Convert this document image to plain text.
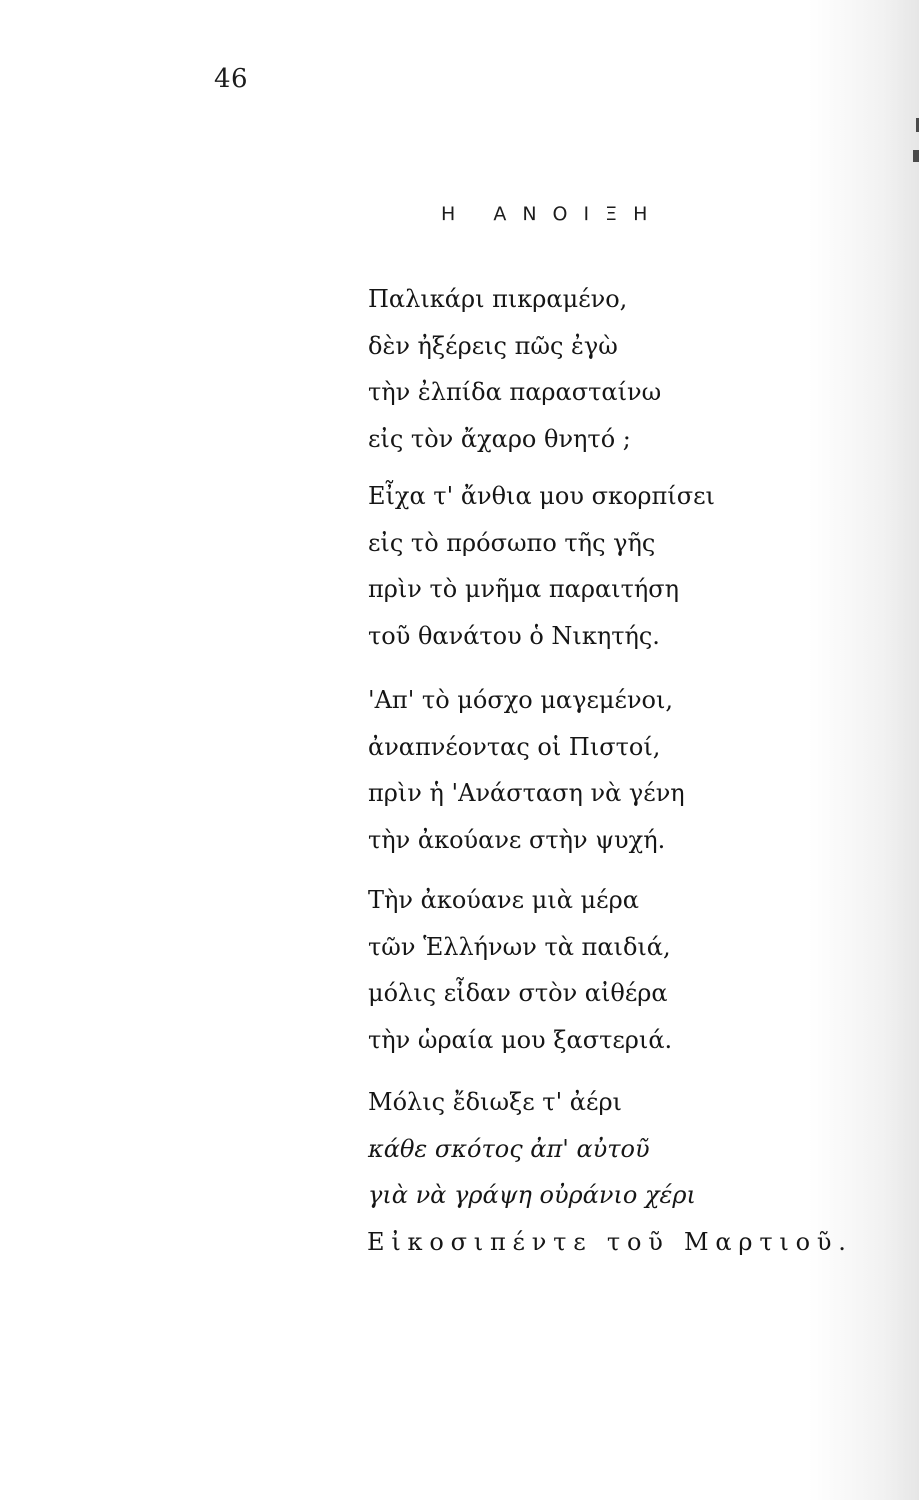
46
Η ΑΝΟΙΞΗ
Παλικάρι πικραμένο,
δὲν ἠξέρεις πῶς ἐγὼ
τὴν ἐλπίδα παρασταίνω
εἰς τὸν ἄχαρο θνητό ;
Εἶχα τ' ἄνθια μου σκορπίσει
εἰς τὸ πρόσωπο τῆς γῆς
πρὶν τὸ μνῆμα παραιτήση
τοῦ θανάτου ὁ Νικητής.
'Απ' τὸ μόσχο μαγεμένοι,
ἀναπνέοντας οἱ Πιστοί,
πρὶν ἡ 'Ανάσταση νὰ γένη
τὴν ἀκούανε στὴν ψυχή.
Τὴν ἀκούανε μιὰ μέρα
τῶν Ἑλλήνων τὰ παιδιά,
μόλις εἶδαν στὸν αἰθέρα
τὴν ὡραία μου ξαστεριά.
Μόλις ἔδιωξε τ' ἀέρι
κάθε σκότος ἀπ' αὐτοῦ
γιὰ νὰ γράψη οὐράνιο χέρι
Εἰκοσιπέντε τοῦ Μαρτιοῦ.
